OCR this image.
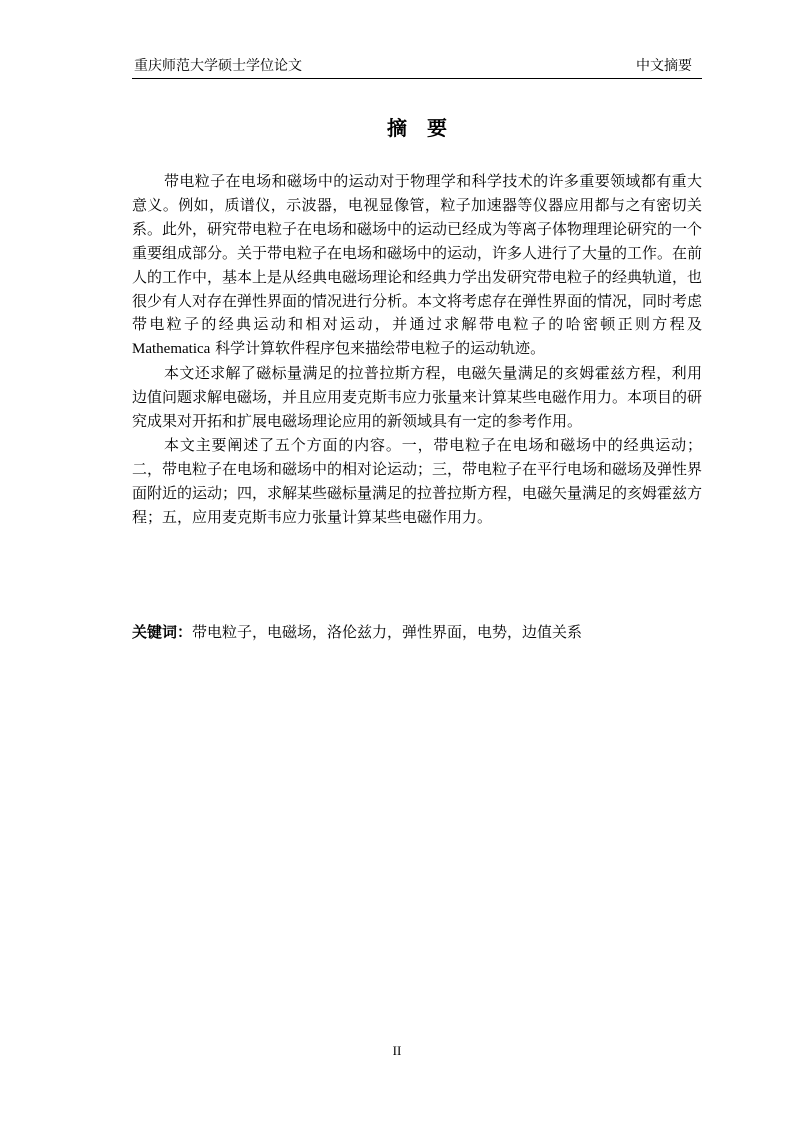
重庆师范大学硕士学位论文	中文摘要
摘要

带电粒子在电场和磁场中的运动对于物理学和科学技术的许多重要领域都有重大意义。例如，质谱仪，示波器，电视显像管，粒子加速器等仪器应用都与之有密切关系。此外，研究带电粒子在电场和磁场中的运动已经成为等离子体物理理论研究的一个重要组成部分。关于带电粒子在电场和磁场中的运动，许多人进行了大量的工作。在前人的工作中，基本上是从经典电磁场理论和经典力学出发研究带电粒子的经典轨道，也很少有人对存在弹性界面的情况进行分析。本文将考虑存在弹性界面的情况，同时考虑带电粒子的经典运动和相对运动，并通过求解带电粒子的哈密顿正则方程及 Mathematica 科学计算软件程序包来描绘带电粒子的运动轨迹。

本文还求解了磁标量满足的拉普拉斯方程，电磁矢量满足的亥姆霍兹方程，利用边值问题求解电磁场，并且应用麦克斯韦应力张量来计算某些电磁作用力。本项目的研究成果对开拓和扩展电磁场理论应用的新领域具有一定的参考作用。

本文主要阐述了五个方面的内容。一，带电粒子在电场和磁场中的经典运动；二，带电粒子在电场和磁场中的相对论运动；三，带电粒子在平行电场和磁场及弹性界面附近的运动；四，求解某些磁标量满足的拉普拉斯方程，电磁矢量满足的亥姆霍兹方程；五，应用麦克斯韦应力张量计算某些电磁作用力。

关键词：带电粒子，电磁场，洛伦兹力，弹性界面，电势，边值关系
II
